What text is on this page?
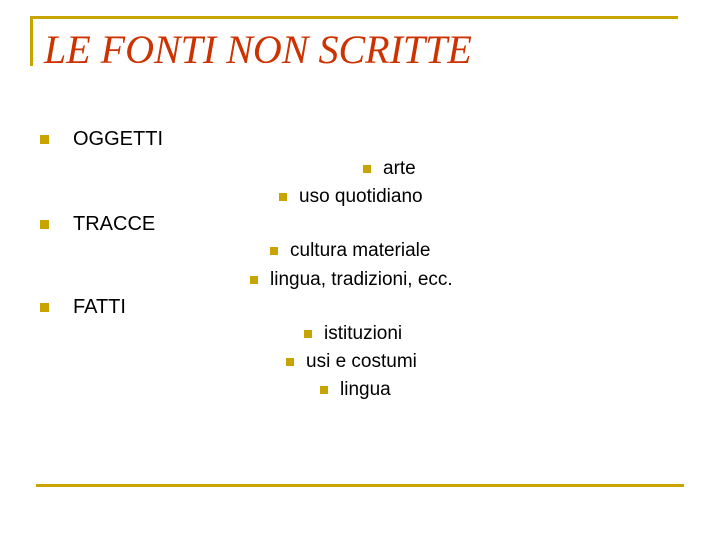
LE FONTI NON SCRITTE
OGGETTI
arte
uso quotidiano
TRACCE
cultura materiale
lingua, tradizioni, ecc.
FATTI
istituzioni
usi e costumi
lingua
